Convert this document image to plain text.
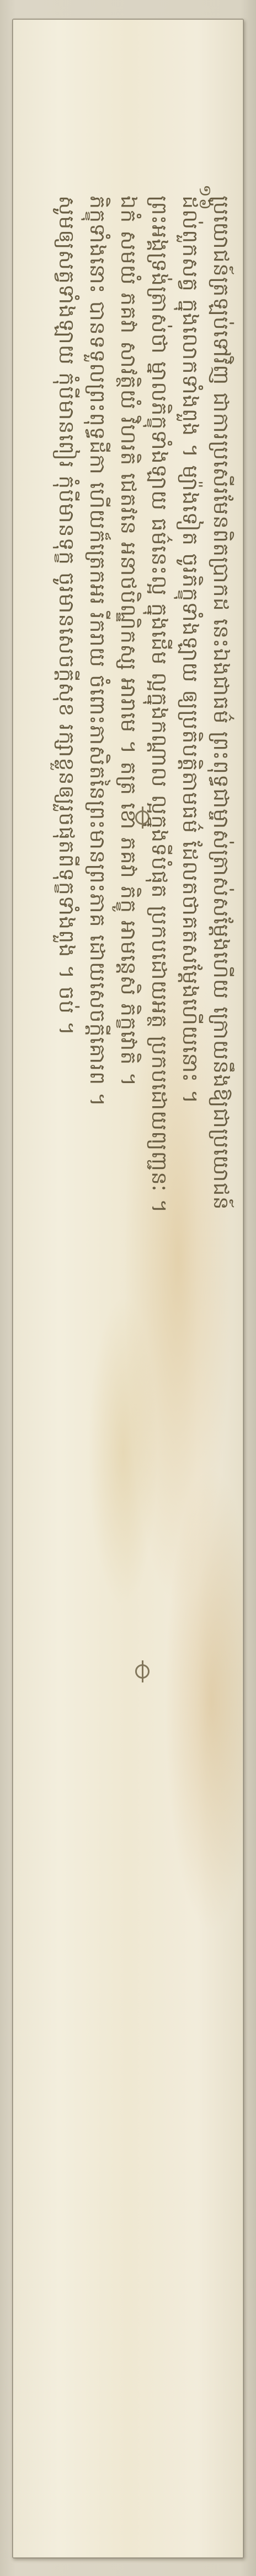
១៦
ប្រយោជន៍ត្រឡប់ទៅវិញ ជាការប្រសើរមែនពិតប្រាកដ នេះឯងជាធម៌ ព្រះពុទ្ធជាម្ចាស់ត្រាស់សម្តែងហើយ ក្រោយនឹងឱ្យជាប្រយោជន៍
ដល់ពួកសត្វ ក្នុងលោកទាំងពួង ។ ម្យ៉ាងទៀត ចូរភិក្ខុទាំងឡាយ ឲ្យប្រតិបត្តិតាមធម៌ ដែលតថាគតសម្តែងហើយនោះ ។
ព្រះអង្គទ្រង់ត្រាស់ថា ម្នាលភិក្ខុទាំងឡាយ ធម៌នេះល្អ ក្នុងដើម ល្អក្នុងកណ្តាល ល្អក្នុងទីបំផុត ប្រកបដោយអត្ថ ប្រកបដោយព្យញ្ជនៈ ។
ឯកំ សមយំ ភគវា សាវត្ថិយំ វិហរតិ ជេតវនេ អនាថបិណ្ឌិកស្ស អារាមេ ។ តត្រ ខោ ភគវា ភិក្ខូ អាមន្តេសិ ភិក្ខវោតិ ។
ភិក្ខុទាំងនោះ បានទទួលព្រះពុទ្ធដីកា ហើយក៏ត្រេកអរ រីករាយ ចំពោះភាសិតនៃព្រះមានព្រះភាគ ដោយសេចក្តីគោរព ។
សូមឲ្យសត្វទាំងឡាយ កុំបីមានពៀរ កុំបីមានទុក្ខ ចូរមានសេចក្តីសុខ រក្សាខ្លួនឲ្យរួចផុតពីទុក្ខទាំងពួង ។ ចប់ ។
